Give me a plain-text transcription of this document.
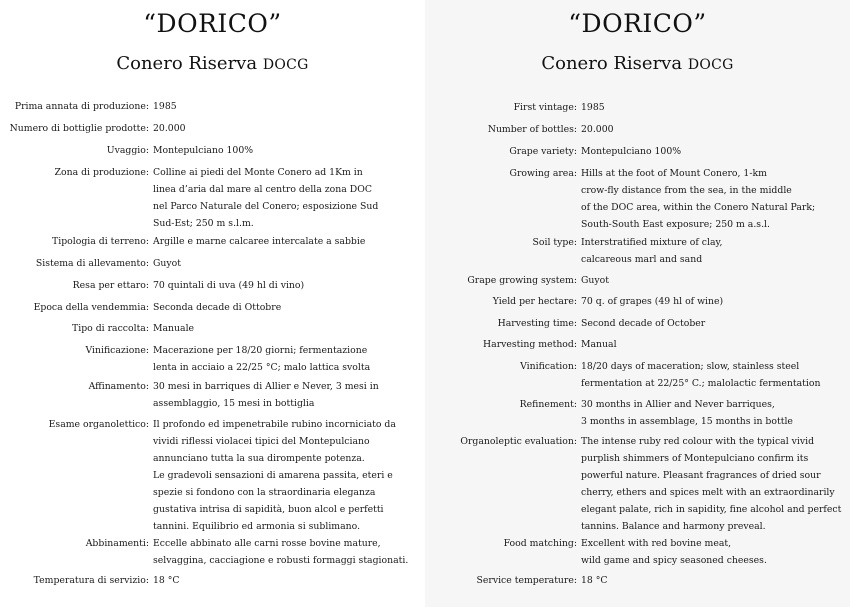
“DORICO”
Conero Riserva DOCG
Prima annata di produzione: 1985
Numero di bottiglie prodotte: 20.000
Uvaggio: Montepulciano 100%
Zona di produzione: Colline ai piedi del Monte Conero ad 1Km in
linea d’aria dal mare al centro della zona DOC
nel Parco Naturale del Conero; esposizione Sud
Sud-Est; 250 m s.l.m.
Tipologia di terreno: Argille e marne calcaree intercalate a sabbie
Sistema di allevamento: Guyot
Resa per ettaro: 70 quintali di uva (49 hl di vino)
Epoca della vendemmia: Seconda decade di Ottobre
Tipo di raccolta: Manuale
Vinificazione: Macerazione per 18/20 giorni; fermentazione
lenta in acciaio a 22/25 °C; malo lattica svolta
Affinamento: 30 mesi in barriques di Allier e Never, 3 mesi in
assemblaggio, 15 mesi in bottiglia
Esame organolettico: Il profondo ed impenetrabile rubino incorniciato da
vividi riflessi violacei tipici del Montepulciano
annunciano tutta la sua dirompente potenza.
Le gradevoli sensazioni di amarena passita, eteri e
spezie si fondono con la straordinaria eleganza
gustativa intrisa di sapidità, buon alcol e perfetti
tannini. Equilibrio ed armonia si sublimano.
Abbinamenti: Eccelle abbinato alle carni rosse bovine mature,
selvaggina, cacciagione e robusti formaggi stagionati.
Temperatura di servizio: 18 °C
“DORICO”
Conero Riserva DOCG
First vintage: 1985
Number of bottles: 20.000
Grape variety: Montepulciano 100%
Growing area: Hills at the foot of Mount Conero, 1-km
crow-fly distance from the sea, in the middle
of the DOC area, within the Conero Natural Park;
South-South East exposure; 250 m a.s.l.
Soil type: Interstratified mixture of clay,
calcareous marl and sand
Grape growing system: Guyot
Yield per hectare: 70 q. of grapes (49 hl of wine)
Harvesting time: Second decade of October
Harvesting method: Manual
Vinification: 18/20 days of maceration; slow, stainless steel
fermentation at 22/25° C.; malolactic fermentation
Refinement: 30 months in Allier and Never barriques,
3 months in assemblage, 15 months in bottle
Organoleptic evaluation: The intense ruby red colour with the typical vivid
purplish shimmers of Montepulciano confirm its
powerful nature. Pleasant fragrances of dried sour
cherry, ethers and spices melt with an extraordinarily
elegant palate, rich in sapidity, fine alcohol and perfect
tannins. Balance and harmony preveal.
Food matching: Excellent with red bovine meat,
wild game and spicy seasoned cheeses.
Service temperature: 18 °C
